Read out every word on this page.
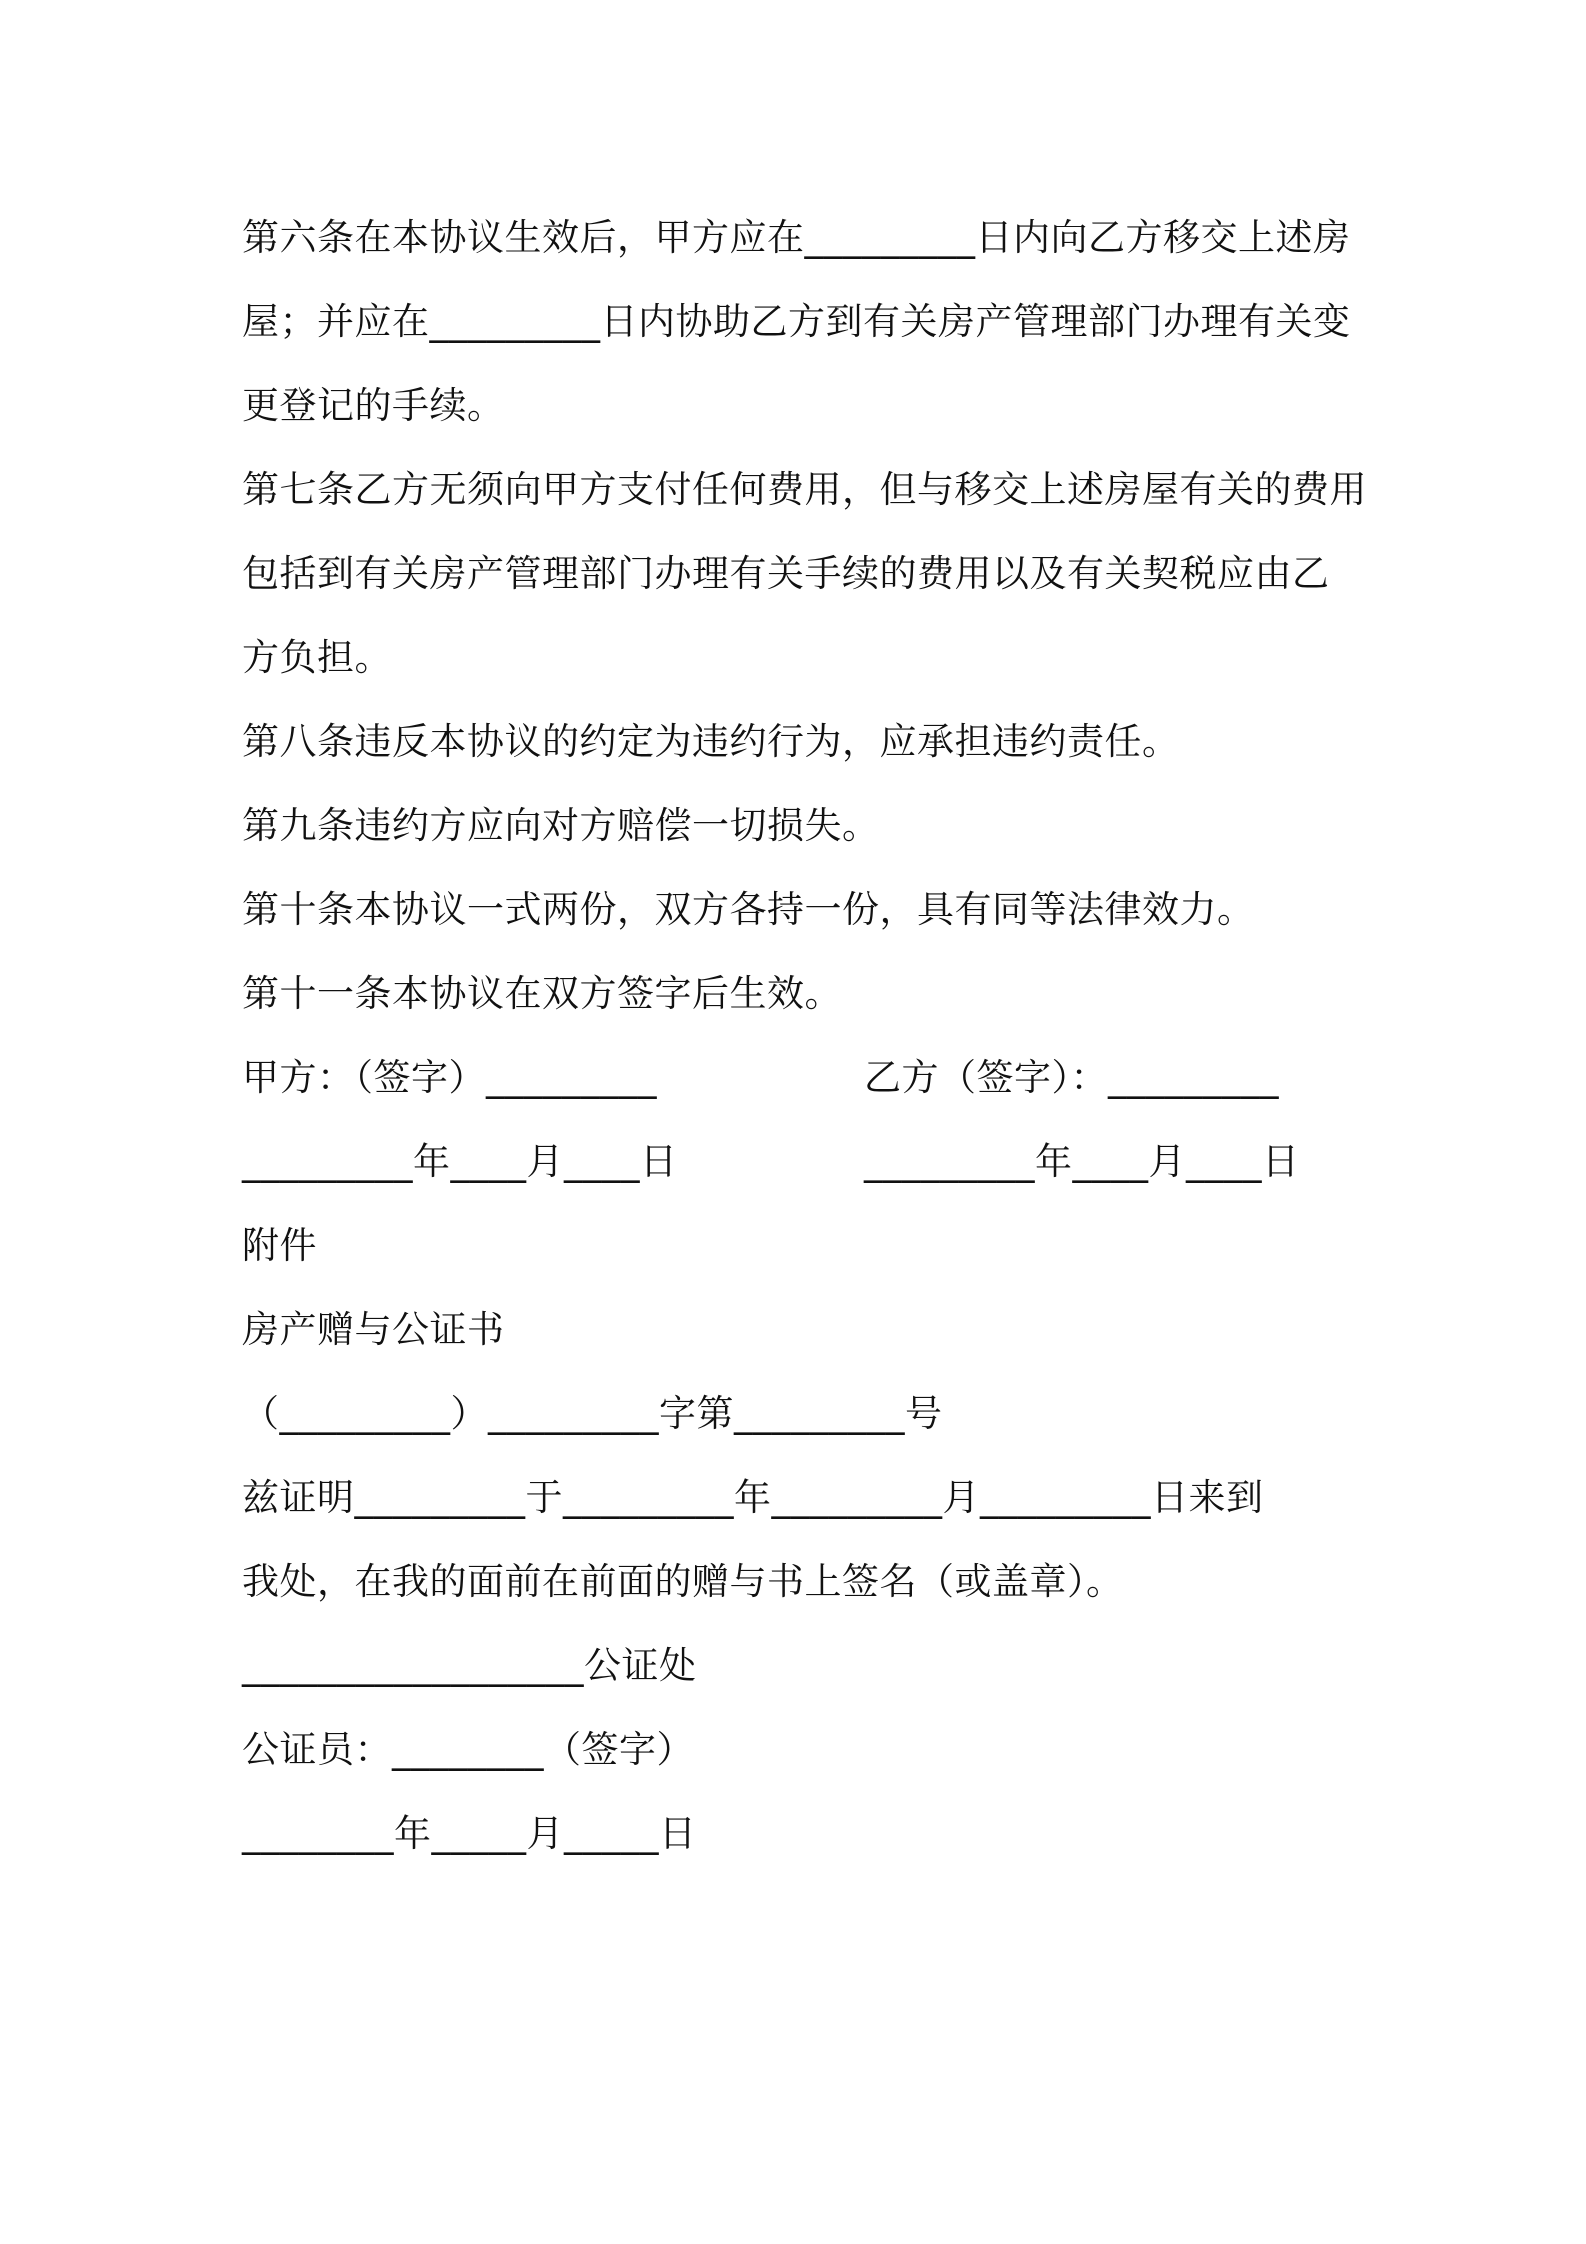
第六条在本协议生效后，甲方应在_________日内向乙方移交上述房
屋；并应在_________日内协助乙方到有关房产管理部门办理有关变
更登记的手续。
第七条乙方无须向甲方支付任何费用，但与移交上述房屋有关的费用
包括到有关房产管理部门办理有关手续的费用以及有关契税应由乙
方负担。
第八条违反本协议的约定为违约行为，应承担违约责任。
第九条违约方应向对方赔偿一切损失。
第十条本协议一式两份，双方各持一份，具有同等法律效力。
第十一条本协议在双方签字后生效。

甲方：（签字）_________

	乙方（签字）：_________

_________年____月____日

	_________年____月____日

附件
房产赠与公证书
（_________）_________字第_________号
兹证明_________于_________年_________月_________日来到
我处，在我的面前在前面的赠与书上签名（或盖章）。
__________________公证处
公证员：________（签字）
________年_____月_____日
